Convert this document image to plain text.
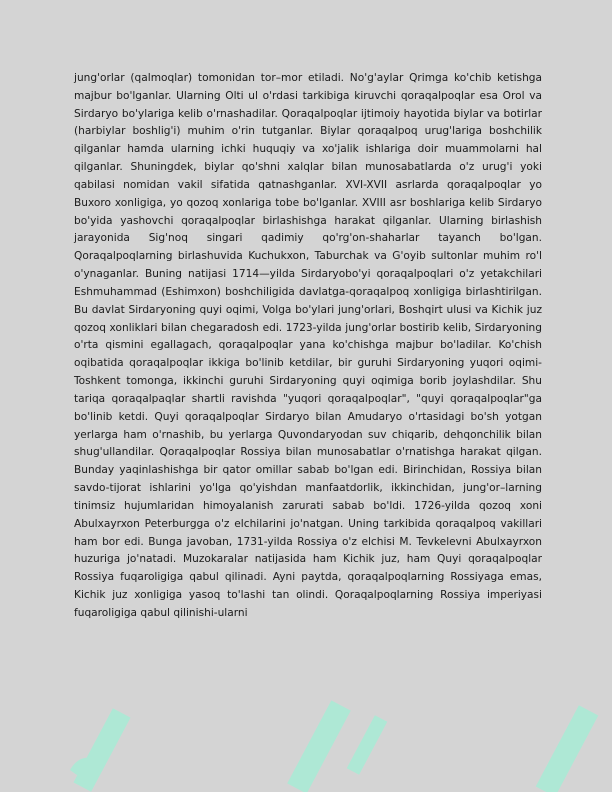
jung'orlar (qalmoqlar) tomonidan tor–mor etiladi. No'g'aylar Qrimga ko'chib ketishga majbur bo'lganlar. Ularning Olti ul o'rdasi tarkibiga kiruvchi qoraqalpoqlar esa Orol va Sirdaryo bo'ylariga kelib o'rnashadilar. Qoraqalpoqlar ijtimoiy hayotida biylar va botirlar (harbiylar boshlig'i) muhim o'rin tutganlar. Biylar qoraqalpoq urug'lariga boshchilik qilganlar hamda ularning ichki huquqiy va xo'jalik ishlariga doir muammolarni hal qilganlar. Shuningdek, biylar qo'shni xalqlar bilan munosabatlarda o'z urug'i yoki qabilasi nomidan vakil sifatida qatnashganlar. XVI-XVII asrlarda qoraqalpoqlar yo Buxoro xonligiga, yo qozoq xonlariga tobe bo'lganlar. XVIII asr boshlariga kelib Sirdaryo bo'yida yashovchi qoraqalpoqlar birlashishga harakat qilganlar. Ularning birlashish jarayonida Sig'noq singari qadimiy qo'rg'on-shaharlar tayanch bo'lgan. Qoraqalpoqlarning birlashuvida Kuchukxon, Taburchak va G'oyib sultonlar muhim ro'l o'ynaganlar. Buning natijasi 1714—yilda Sirdaryobo'yi qoraqalpoqlari o'z yetakchilari Eshmuhammad (Eshimxon) boshchiligida davlatga-qoraqalpoq xonligiga birlashtirilgan. Bu davlat Sirdaryoning quyi oqimi, Volga bo'ylari jung'orlari, Boshqirt ulusi va Kichik juz qozoq xonliklari bilan chegaradosh edi. 1723-yilda jung'orlar bostirib kelib, Sirdaryoning o'rta qismini egallagach, qoraqalpoqlar yana ko'chishga majbur bo'ladilar. Ko'chish oqibatida qoraqalpoqlar ikkiga bo'linib ketdilar, bir guruhi Sirdaryoning yuqori oqimi-Toshkent tomonga, ikkinchi guruhi Sirdaryoning quyi oqimiga borib joylashdilar. Shu tariqa qoraqalpaqlar shartli ravishda "yuqori qoraqalpoqlar", "quyi qoraqalpoqlar"ga bo'linib ketdi. Quyi qoraqalpoqlar Sirdaryo bilan Amudaryo o'rtasidagi bo'sh yotgan yerlarga ham o'rnashib, bu yerlarga Quvondaryodan suv chiqarib, dehqonchilik bilan shug'ullandilar. Qoraqalpoqlar Rossiya bilan munosabatlar o'rnatishga harakat qilgan. Bunday yaqinlashishga bir qator omillar sabab bo'lgan edi. Birinchidan, Rossiya bilan savdo-tijorat ishlarini yo'lga qo'yishdan manfaatdorlik, ikkinchidan, jung'or–larning tinimsiz hujumlaridan himoyalanish zarurati sabab bo'ldi. 1726-yilda qozoq xoni Abulxayrxon Peterburgga o'z elchilarini jo'natgan. Uning tarkibida qoraqalpoq vakillari ham bor edi. Bunga javoban, 1731-yilda Rossiya o'z elchisi M. Tevkelevni Abulxayrxon huzuriga jo'natadi. Muzokaralar natijasida ham Kichik juz, ham Quyi qoraqalpoqlar Rossiya fuqaroligiga qabul qilinadi. Ayni paytda, qoraqalpoqlarning Rossiyaga emas, Kichik juz xonligiga yasoq to'lashi tan olindi. Qoraqalpoqlarning Rossiya imperiyasi fuqaroligiga qabul qilinishi-ularni
